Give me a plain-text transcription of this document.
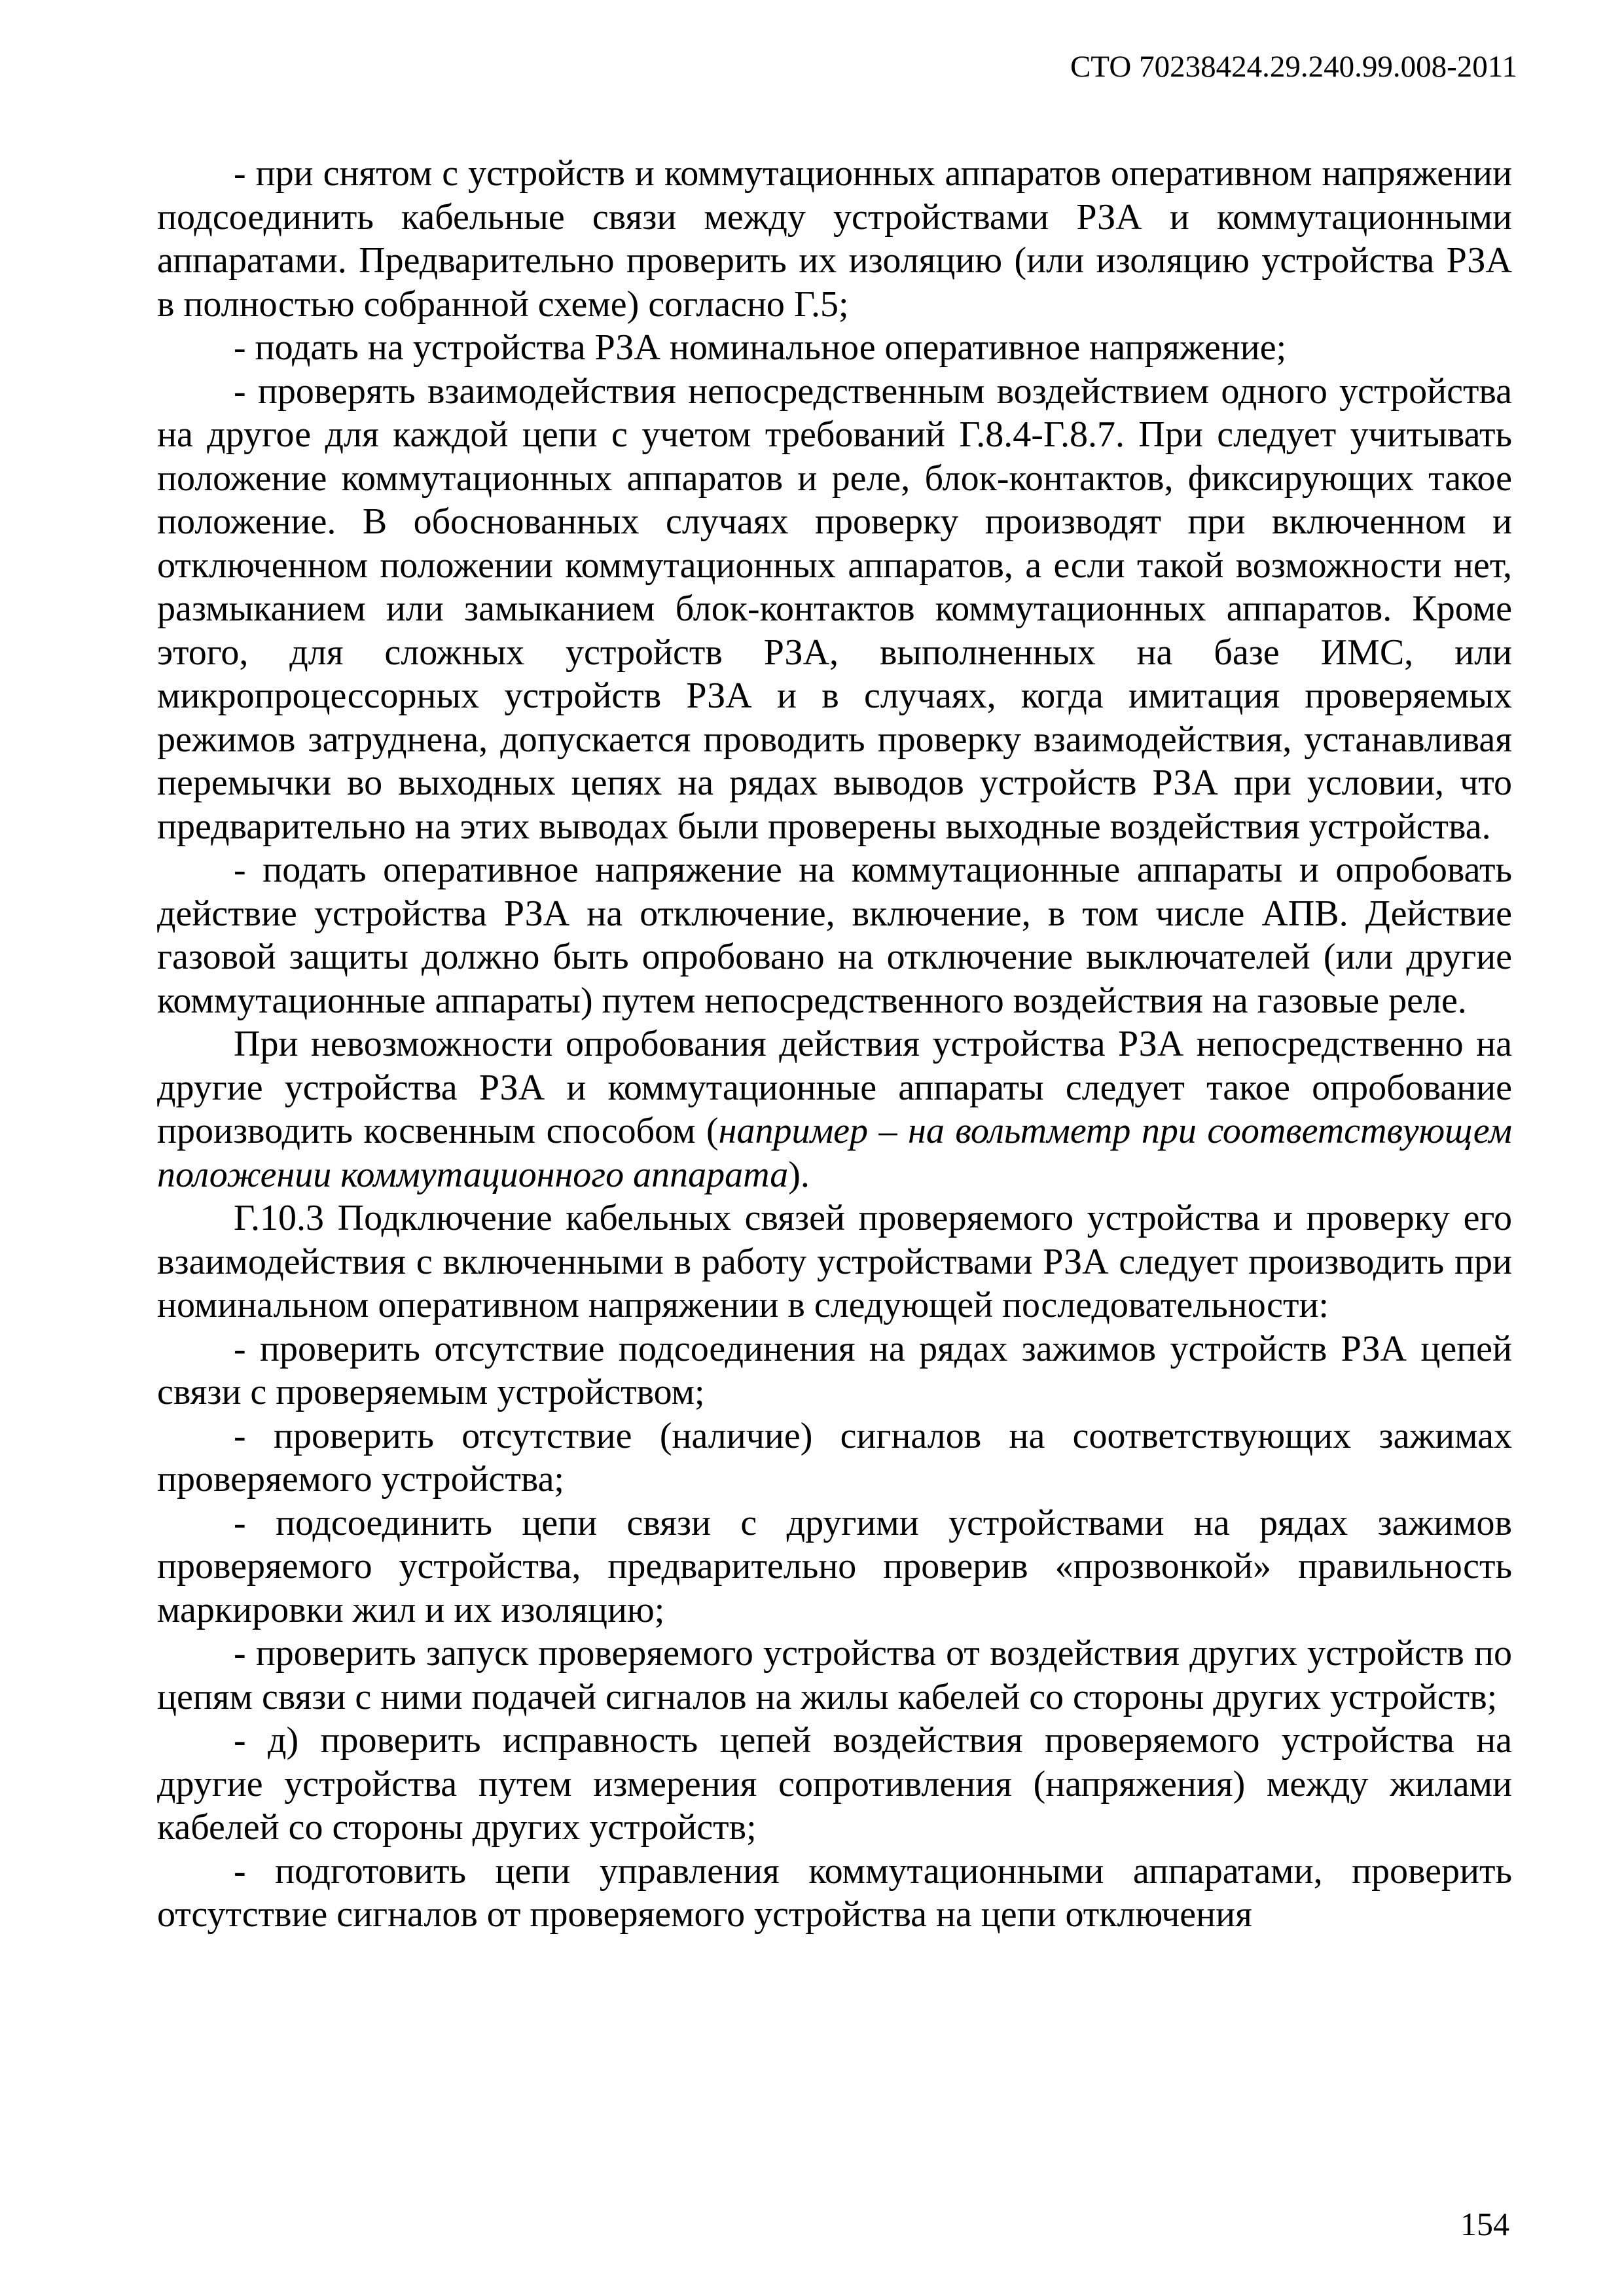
СТО 70238424.29.240.99.008-2011

- при снятом с устройств и коммутационных аппаратов оперативном напряжении подсоединить кабельные связи между устройствами РЗА и коммутационными аппаратами. Предварительно проверить их изоляцию (или изоляцию устройства РЗА в полностью собранной схеме) согласно Г.5;

- подать на устройства РЗА номинальное оперативное напряжение;

- проверять взаимодействия непосредственным воздействием одного устройства на другое для каждой цепи с учетом требований Г.8.4-Г.8.7. При следует учитывать положение коммутационных аппаратов и реле, блок-контактов, фиксирующих такое положение. В обоснованных случаях проверку производят при включенном и отключенном положении коммутационных аппаратов, а если такой возможности нет, размыканием или замыканием блок-контактов коммутационных аппаратов. Кроме этого, для сложных устройств РЗА, выполненных на базе ИМС, или микропроцессорных устройств РЗА и в случаях, когда имитация проверяемых режимов затруднена, допускается проводить проверку взаимодействия, устанавливая перемычки во выходных цепях на рядах выводов устройств РЗА при условии, что предварительно на этих выводах были проверены выходные воздействия устройства.

- подать оперативное напряжение на коммутационные аппараты и опробовать действие устройства РЗА на отключение, включение, в том числе АПВ. Действие газовой защиты должно быть опробовано на отключение выключателей (или другие коммутационные аппараты) путем непосредственного воздействия на газовые реле.

При невозможности опробования действия устройства РЗА непосредственно на другие устройства РЗА и коммутационные аппараты следует такое опробование производить косвенным способом (например – на вольтметр при соответствующем положении коммутационного аппарата).

Г.10.3 Подключение кабельных связей проверяемого устройства и проверку его взаимодействия с включенными в работу устройствами РЗА следует производить при номинальном оперативном напряжении в следующей последовательности:

- проверить отсутствие подсоединения на рядах зажимов устройств РЗА цепей связи с проверяемым устройством;

- проверить отсутствие (наличие) сигналов на соответствующих зажимах проверяемого устройства;

- подсоединить цепи связи с другими устройствами на рядах зажимов проверяемого устройства, предварительно проверив «прозвонкой» правильность маркировки жил и их изоляцию;

- проверить запуск проверяемого устройства от воздействия других устройств по цепям связи с ними подачей сигналов на жилы кабелей со стороны других устройств;

- д) проверить исправность цепей воздействия проверяемого устройства на другие устройства путем измерения сопротивления (напряжения) между жилами кабелей со стороны других устройств;

- подготовить цепи управления коммутационными аппаратами, проверить отсутствие сигналов от проверяемого устройства на цепи отключения

154
